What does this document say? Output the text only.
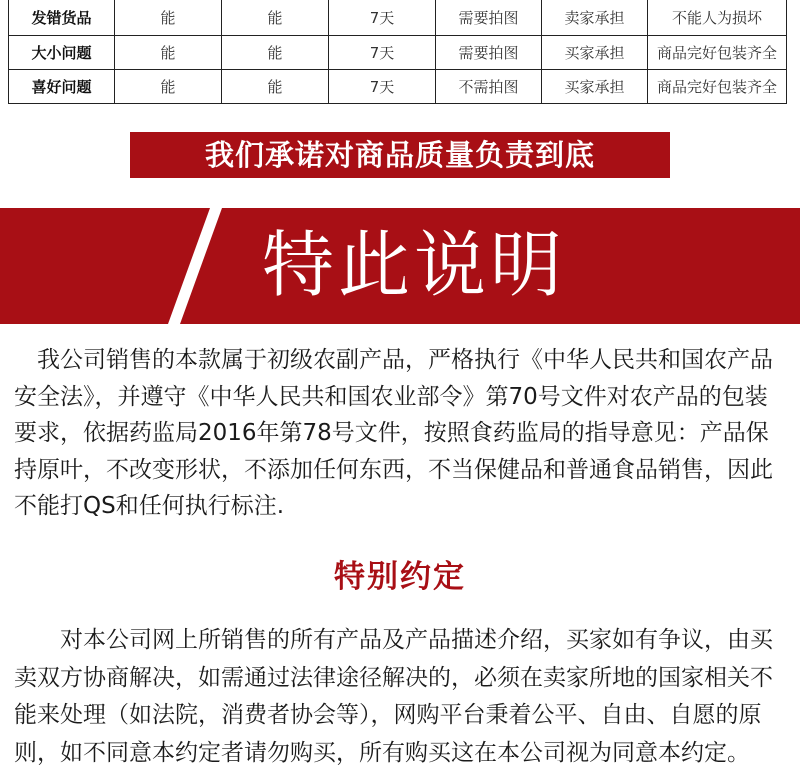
发错货品	能	能	7天	需要拍图	卖家承担	不能人为损坏
大小问题	能	能	7天	需要拍图	买家承担	商品完好包装齐全
喜好问题	能	能	7天	不需拍图	买家承担	商品完好包装齐全
我们承诺对商品质量负责到底
特此说明

　我公司销售的本款属于初级农副产品，严格执行《中华人民共和国农产品安全法》，并遵守《中华人民共和国农业部令》第70号文件对农产品的包装要求，依据药监局2016年第78号文件，按照食药监局的指导意见：产品保持原叶，不改变形状，不添加任何东西，不当保健品和普通食品销售，因此不能打QS和任何执行标注.

特别约定

　　对本公司网上所销售的所有产品及产品描述介绍，买家如有争议，由买卖双方协商解决，如需通过法律途径解决的，必须在卖家所地的国家相关不能来处理（如法院，消费者协会等），网购平台秉着公平、自由、自愿的原则，如不同意本约定者请勿购买，所有购买这在本公司视为同意本约定。
